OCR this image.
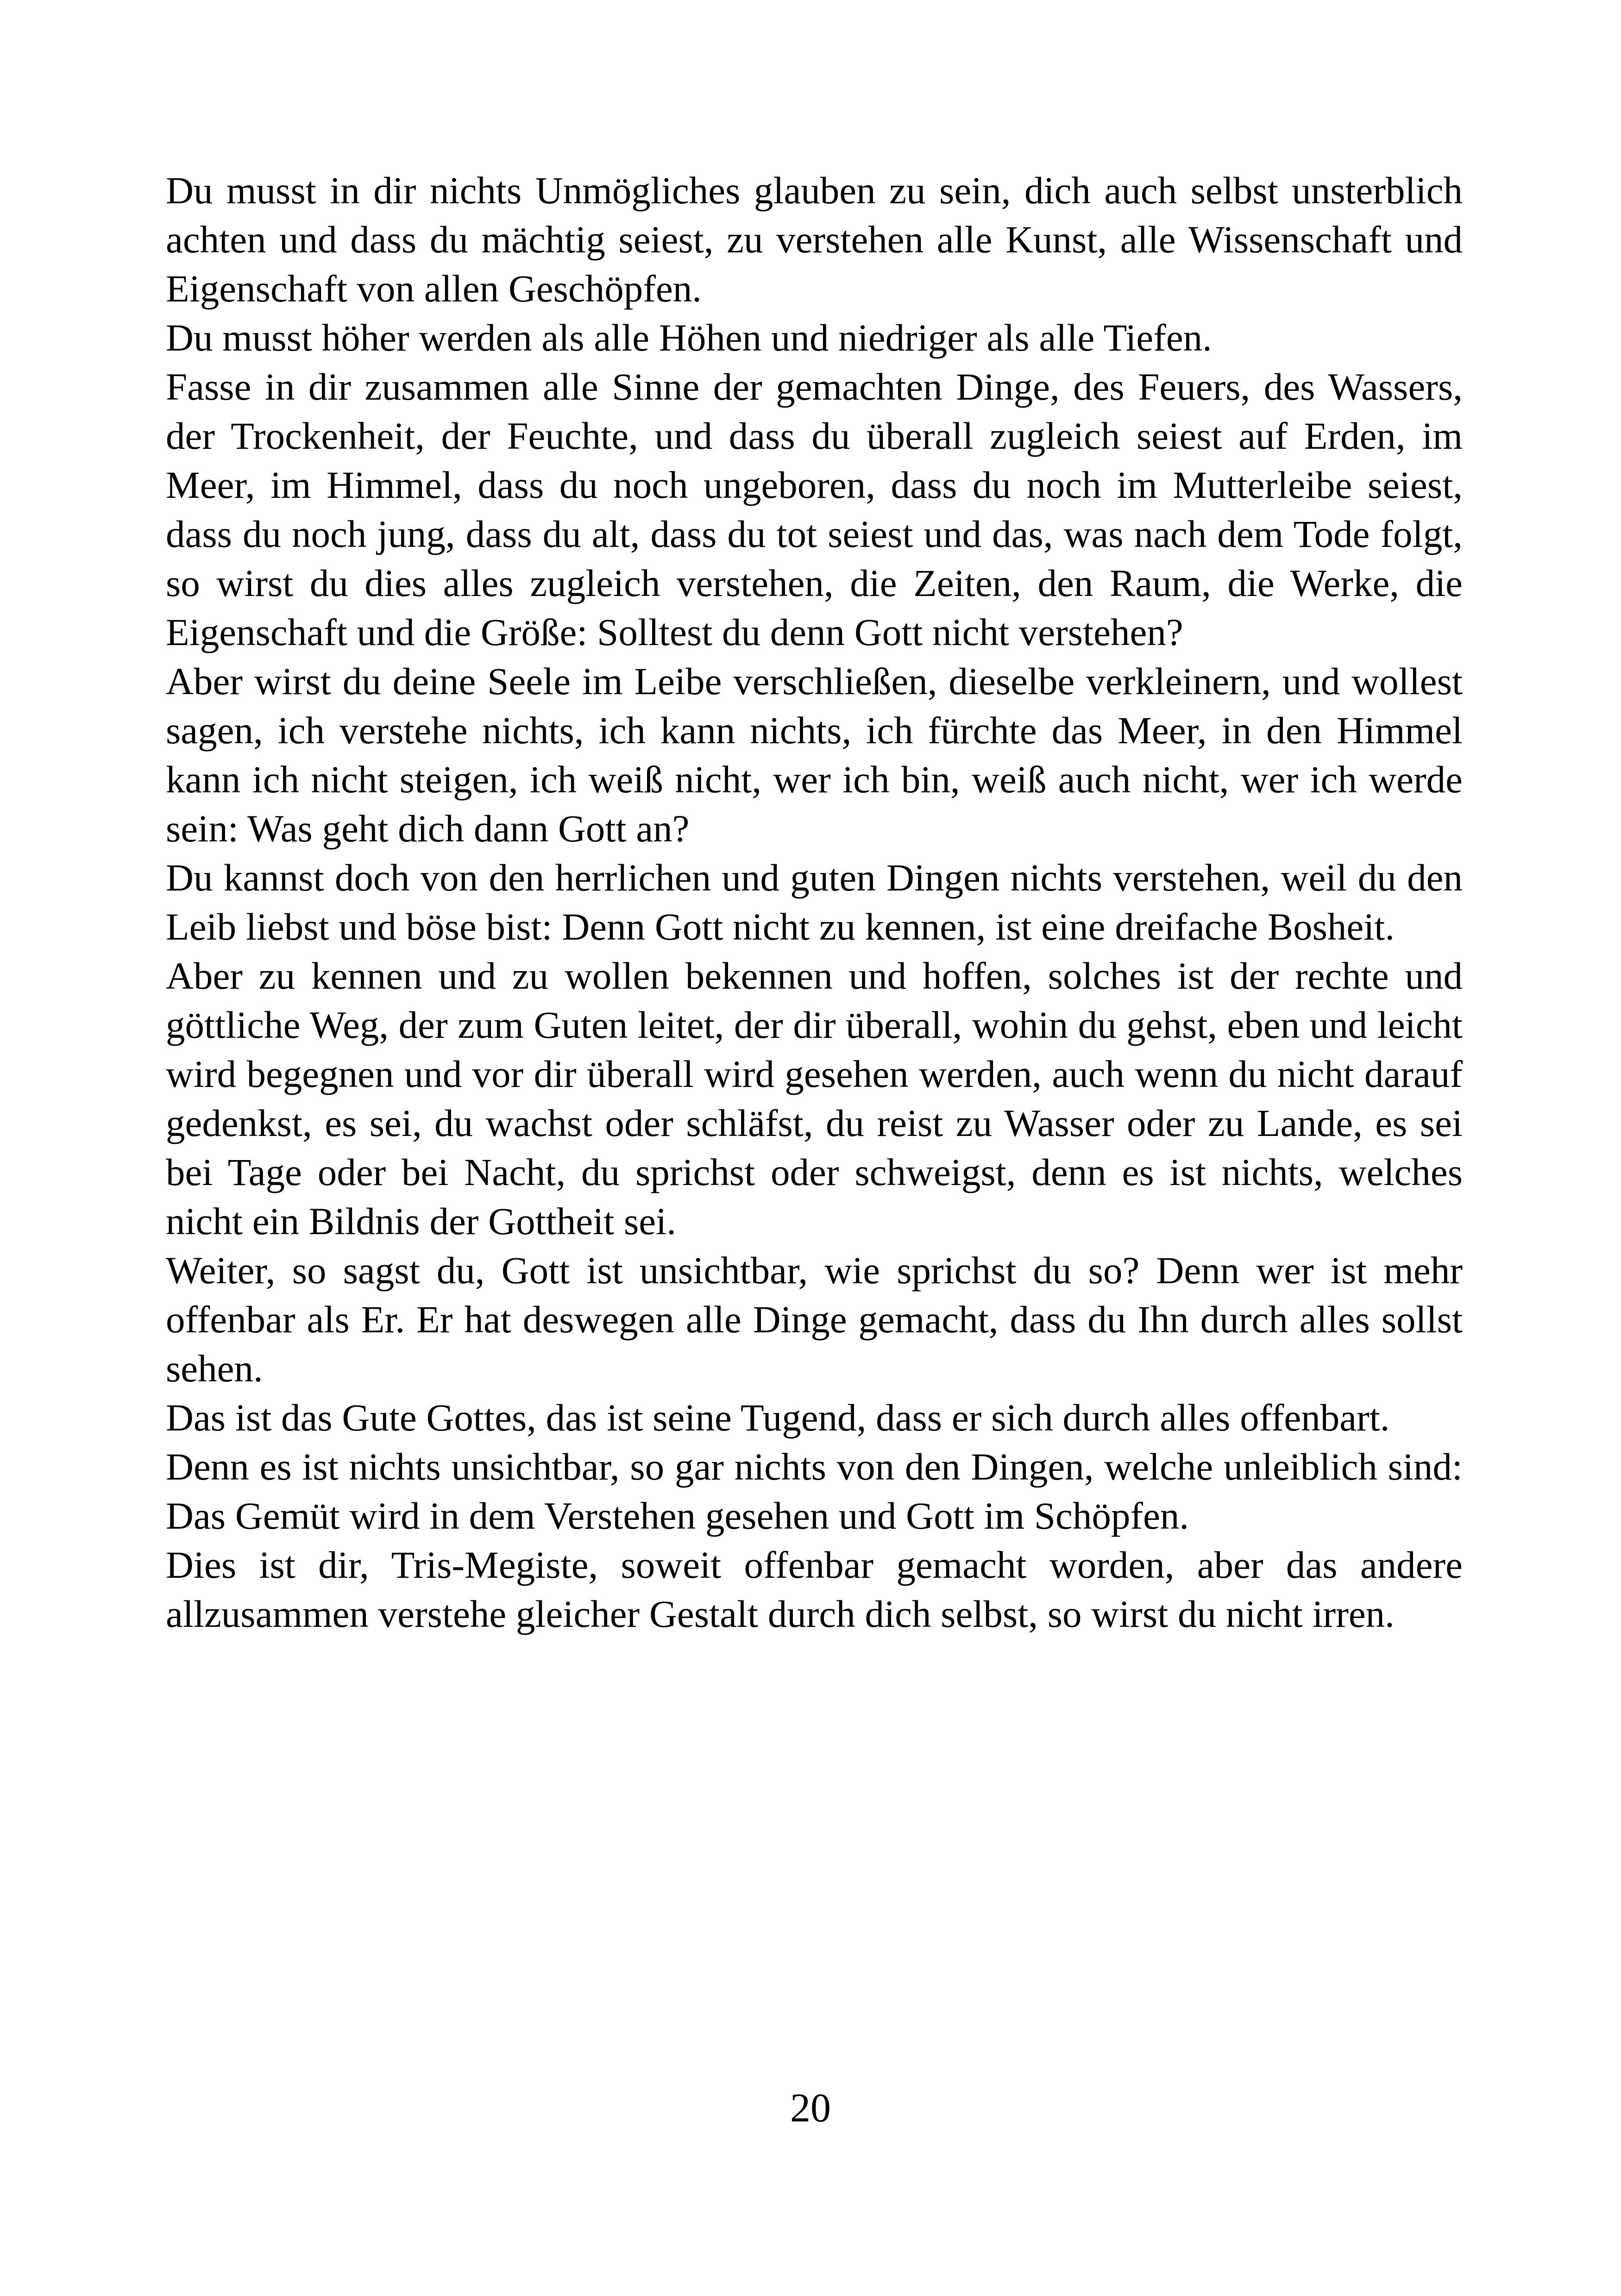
Du musst in dir nichts Unmögliches glauben zu sein, dich auch selbst unsterblich achten und dass du mächtig seiest, zu verstehen alle Kunst, alle Wissenschaft und Eigenschaft von allen Geschöpfen.

Du musst höher werden als alle Höhen und niedriger als alle Tiefen.

Fasse in dir zusammen alle Sinne der gemachten Dinge, des Feuers, des Wassers, der Trockenheit, der Feuchte, und dass du überall zugleich seiest auf Erden, im Meer, im Himmel, dass du noch ungeboren, dass du noch im Mutterleibe seiest, dass du noch jung, dass du alt, dass du tot seiest und das, was nach dem Tode folgt, so wirst du dies alles zugleich verstehen, die Zeiten, den Raum, die Werke, die Eigenschaft und die Größe: Solltest du denn Gott nicht verstehen?

Aber wirst du deine Seele im Leibe verschließen, dieselbe verkleinern, und wollest sagen, ich verstehe nichts, ich kann nichts, ich fürchte das Meer, in den Himmel kann ich nicht steigen, ich weiß nicht, wer ich bin, weiß auch nicht, wer ich werde sein: Was geht dich dann Gott an?

Du kannst doch von den herrlichen und guten Dingen nichts verstehen, weil du den Leib liebst und böse bist: Denn Gott nicht zu kennen, ist eine dreifache Bosheit.

Aber zu kennen und zu wollen bekennen und hoffen, solches ist der rechte und göttliche Weg, der zum Guten leitet, der dir überall, wohin du gehst, eben und leicht wird begegnen und vor dir überall wird gesehen werden, auch wenn du nicht darauf gedenkst, es sei, du wachst oder schläfst, du reist zu Wasser oder zu Lande, es sei bei Tage oder bei Nacht, du sprichst oder schweigst, denn es ist nichts, welches nicht ein Bildnis der Gottheit sei.

Weiter, so sagst du, Gott ist unsichtbar, wie sprichst du so? Denn wer ist mehr offenbar als Er. Er hat deswegen alle Dinge gemacht, dass du Ihn durch alles sollst sehen.

Das ist das Gute Gottes, das ist seine Tugend, dass er sich durch alles offenbart.

Denn es ist nichts unsichtbar, so gar nichts von den Dingen, welche unleiblich sind: Das Gemüt wird in dem Verstehen gesehen und Gott im Schöpfen.

Dies ist dir, Tris-Megiste, soweit offenbar gemacht worden, aber das andere allzusammen verstehe gleicher Gestalt durch dich selbst, so wirst du nicht irren.

20
